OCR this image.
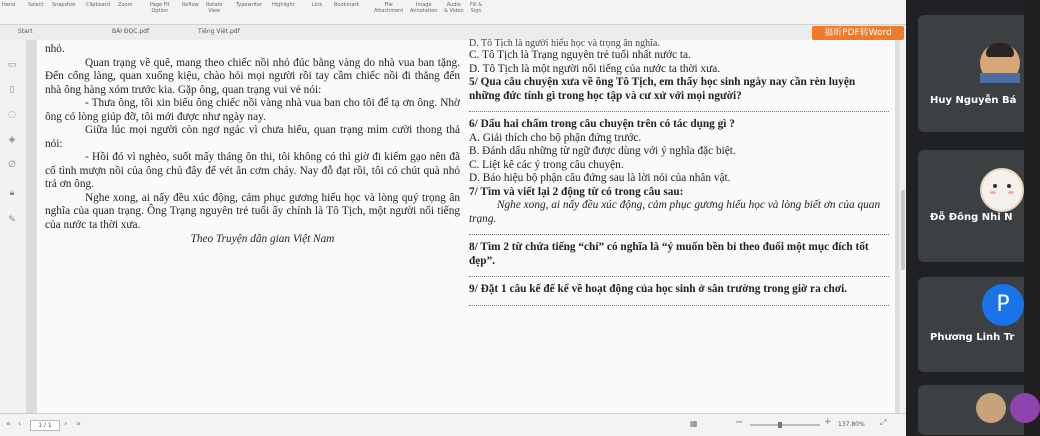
Hand	Select Snapshot Clipboard Zoom	Page Fit
Option
Reflow Rotate
View
Typewriter Highlight	Link Bookmark	File
Attachment
Image
Annotation
Audio
& Video
Fill &
Sign
Start	BÀI ĐỌC.pdf	Tiếng Việt.pdf	福昕PDF转Word
▭
▯
◌
◈
∅
🔒︎
✎

nhỏ.

Quan trạng về quê, mang theo chiếc nồi nhỏ đúc bằng vàng do nhà vua ban tặng. Đến cổng làng, quan xuống kiệu, chào hỏi mọi người rồi tay cầm chiếc nồi đi thẳng đến nhà ông hàng xóm trước kia. Gặp ông, quan trạng vui vẻ nói:

- Thưa ông, tôi xin biếu ông chiếc nồi vàng nhà vua ban cho tôi để tạ ơn ông. Nhờ ông có lòng giúp đỡ, tôi mới được như ngày nay.

Giữa lúc mọi người còn ngơ ngác vì chưa hiểu, quan trạng mỉm cười thong thả nói:

- Hồi đó vì nghèo, suốt mấy tháng ôn thi, tôi không có thì giờ đi kiếm gạo nên đã cố tình mượn nồi của ông chủ đây để vét ăn cơm cháy. Nay đỗ đạt rồi, tôi có chút quà nhỏ trả ơn ông.

Nghe xong, ai nấy đều xúc động, cảm phục gương hiếu học và lòng quý trọng ân nghĩa của quan trạng. Ông Trạng nguyên trẻ tuổi ấy chính là Tô Tịch, một người nổi tiếng của nước ta thời xưa.

Theo Truyện dân gian Việt Nam

D. Tô Tịch là người hiếu học và trọng ân nghĩa.

C. Tô Tịch là Trạng nguyên trẻ tuổi nhất nước ta.

D. Tô Tịch là một người nổi tiếng của nước ta thời xưa.

5/ Qua câu chuyện xưa về ông Tô Tịch, em thấy học sinh ngày nay cần rèn luyện những đức tính gì trong học tập và cư xử với mọi người?

6/ Dấu hai chấm trong câu chuyện trên có tác dụng gì ?

A. Giải thích cho bộ phận đứng trước.

B. Đánh dấu những từ ngữ được dùng với ý nghĩa đặc biệt.

C. Liệt kê các ý trong câu chuyện.

D. Báo hiệu bộ phận câu đứng sau là lời nói của nhân vật.

7/ Tìm và viết lại 2 động từ có trong câu sau:

Nghe xong, ai nấy đều xúc động, cảm phục gương hiếu học và lòng biết ơn của quan trạng.

8/ Tìm 2 từ chứa tiếng “chí” có nghĩa là “ý muốn bền bỉ theo đuổi một mục đích tốt đẹp”.

9/ Đặt 1 câu kể để kể về hoạt động của học sinh ở sân trường trong giờ ra chơi.

« ‹	1 / 1	› »	▦	−	+ 137.80% ⤢
Huy Nguyễn Bá
Đỗ Đông Nhi N
P
Phương Linh Tr
